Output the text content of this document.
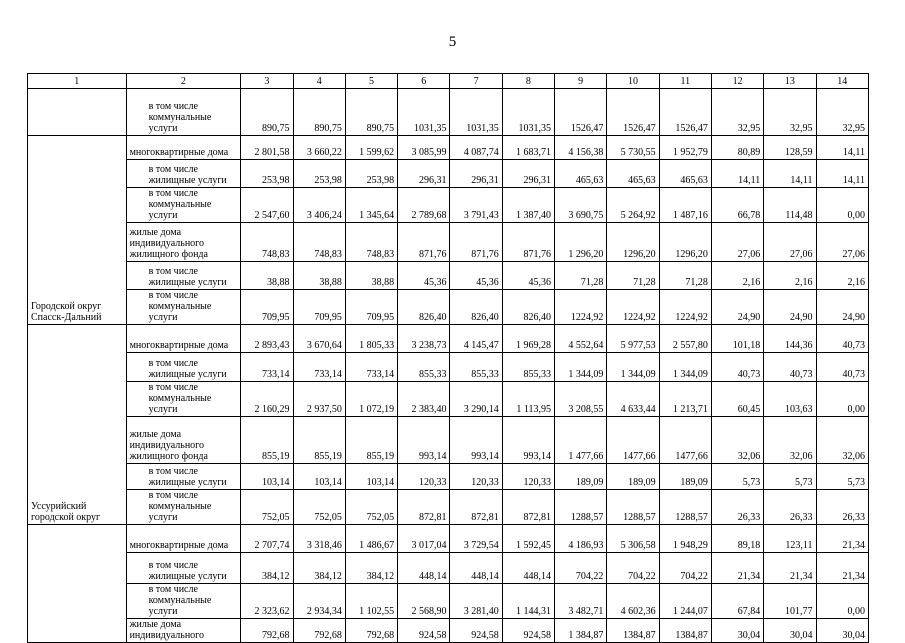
5
1	2	3	4	5	6	7	8	9	10	11	12	13	14
	в том числе коммунальные услуги	890,75	890,75	890,75	1031,35	1031,35	1031,35	1526,47	1526,47	1526,47	32,95	32,95	32,95
Городской округ Спасск-Дальний	многоквартирные дома	2 801,58	3 660,22	1 599,62	3 085,99	4 087,74	1 683,71	4 156,38	5 730,55	1 952,79	80,89	128,59	14,11
	в том числе жилищные услуги	253,98	253,98	253,98	296,31	296,31	296,31	465,63	465,63	465,63	14,11	14,11	14,11
	в том числе коммунальные услуги	2 547,60	3 406,24	1 345,64	2 789,68	3 791,43	1 387,40	3 690,75	5 264,92	1 487,16	66,78	114,48	0,00
	жилые дома индивидуального жилищного фонда	748,83	748,83	748,83	871,76	871,76	871,76	1 296,20	1296,20	1296,20	27,06	27,06	27,06
	в том числе жилищные услуги	38,88	38,88	38,88	45,36	45,36	45,36	71,28	71,28	71,28	2,16	2,16	2,16
	в том числе коммунальные услуги	709,95	709,95	709,95	826,40	826,40	826,40	1224,92	1224,92	1224,92	24,90	24,90	24,90
Уссурийский городской округ	многоквартирные дома	2 893,43	3 670,64	1 805,33	3 238,73	4 145,47	1 969,28	4 552,64	5 977,53	2 557,80	101,18	144,36	40,73
	в том числе жилищные услуги	733,14	733,14	733,14	855,33	855,33	855,33	1 344,09	1 344,09	1 344,09	40,73	40,73	40,73
	в том числе коммунальные услуги	2 160,29	2 937,50	1 072,19	2 383,40	3 290,14	1 113,95	3 208,55	4 633,44	1 213,71	60,45	103,63	0,00
	жилые дома индивидуального жилищного фонда	855,19	855,19	855,19	993,14	993,14	993,14	1 477,66	1477,66	1477,66	32,06	32,06	32,06
	в том числе жилищные услуги	103,14	103,14	103,14	120,33	120,33	120,33	189,09	189,09	189,09	5,73	5,73	5,73
	в том числе коммунальные услуги	752,05	752,05	752,05	872,81	872,81	872,81	1288,57	1288,57	1288,57	26,33	26,33	26,33
	многоквартирные дома	2 707,74	3 318,46	1 486,67	3 017,04	3 729,54	1 592,45	4 186,93	5 306,58	1 948,29	89,18	123,11	21,34
	в том числе жилищные услуги	384,12	384,12	384,12	448,14	448,14	448,14	704,22	704,22	704,22	21,34	21,34	21,34
	в том числе коммунальные услуги	2 323,62	2 934,34	1 102,55	2 568,90	3 281,40	1 144,31	3 482,71	4 602,36	1 244,07	67,84	101,77	0,00
	жилые дома индивидуального	792,68	792,68	792,68	924,58	924,58	924,58	1 384,87	1384,87	1384,87	30,04	30,04	30,04
